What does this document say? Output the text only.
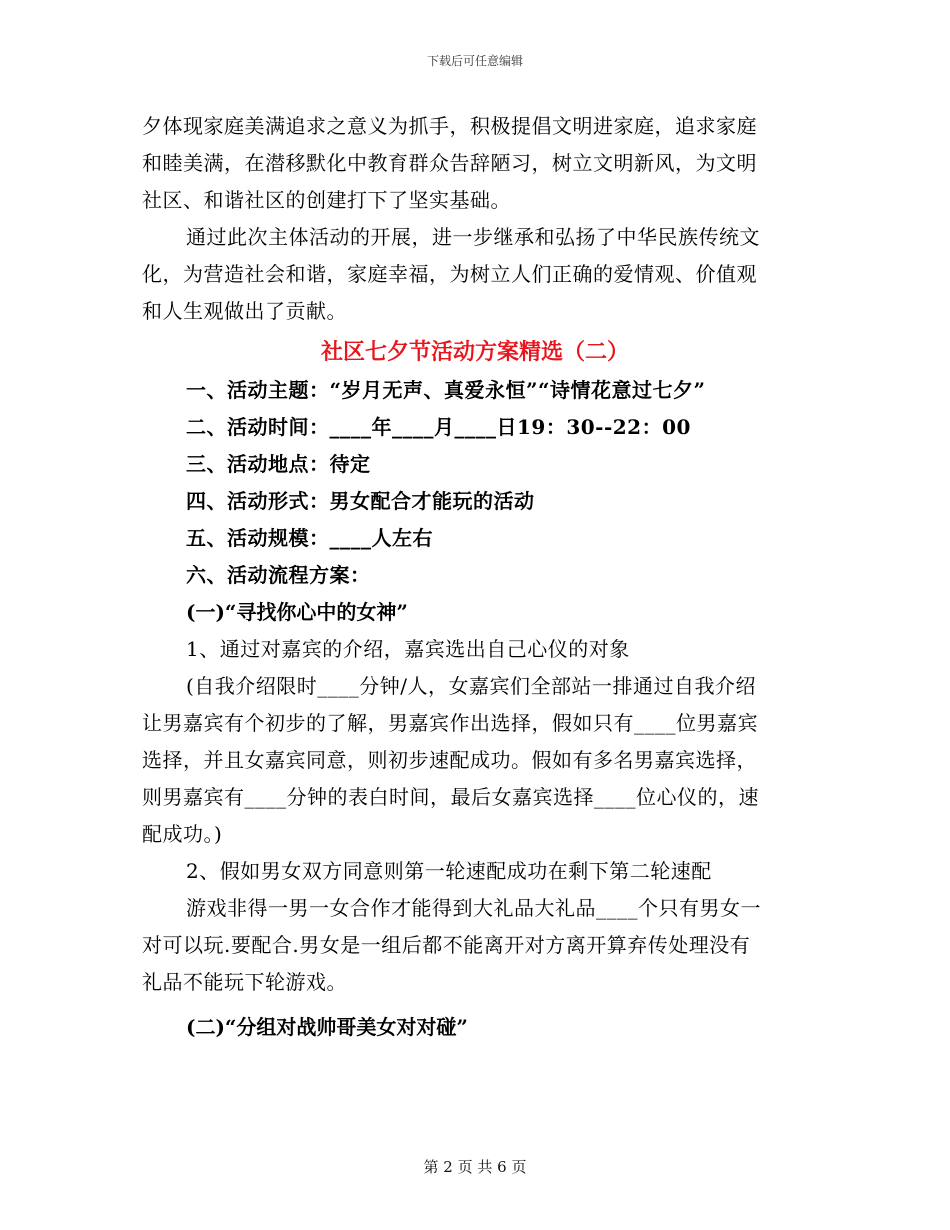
下载后可任意编辑
夕体现家庭美满追求之意义为抓手，积极提倡文明进家庭，追求家庭
和睦美满，在潜移默化中教育群众告辞陋习，树立文明新风，为文明
社区、和谐社区的创建打下了坚实基础。
通过此次主体活动的开展，进一步继承和弘扬了中华民族传统文
化，为营造社会和谐，家庭幸福，为树立人们正确的爱情观、价值观
和人生观做出了贡献。
社区七夕节活动方案精选（二）
一、活动主题：“岁月无声、真爱永恒”“诗情花意过七夕”
二、活动时间：____年____月____日19：30--22：00
三、活动地点：待定
四、活动形式：男女配合才能玩的活动
五、活动规模：____人左右
六、活动流程方案：
(一)“寻找你心中的女神”
1、通过对嘉宾的介绍，嘉宾选出自己心仪的对象
(自我介绍限时____分钟/人，女嘉宾们全部站一排通过自我介绍
让男嘉宾有个初步的了解，男嘉宾作出选择，假如只有____位男嘉宾
选择，并且女嘉宾同意，则初步速配成功。假如有多名男嘉宾选择，
则男嘉宾有____分钟的表白时间，最后女嘉宾选择____位心仪的，速
配成功。)
2、假如男女双方同意则第一轮速配成功在剩下第二轮速配
游戏非得一男一女合作才能得到大礼品大礼品____个只有男女一
对可以玩.要配合.男女是一组后都不能离开对方离开算弃传处理没有
礼品不能玩下轮游戏。
(二)“分组对战帅哥美女对对碰”
第 2 页 共 6 页
